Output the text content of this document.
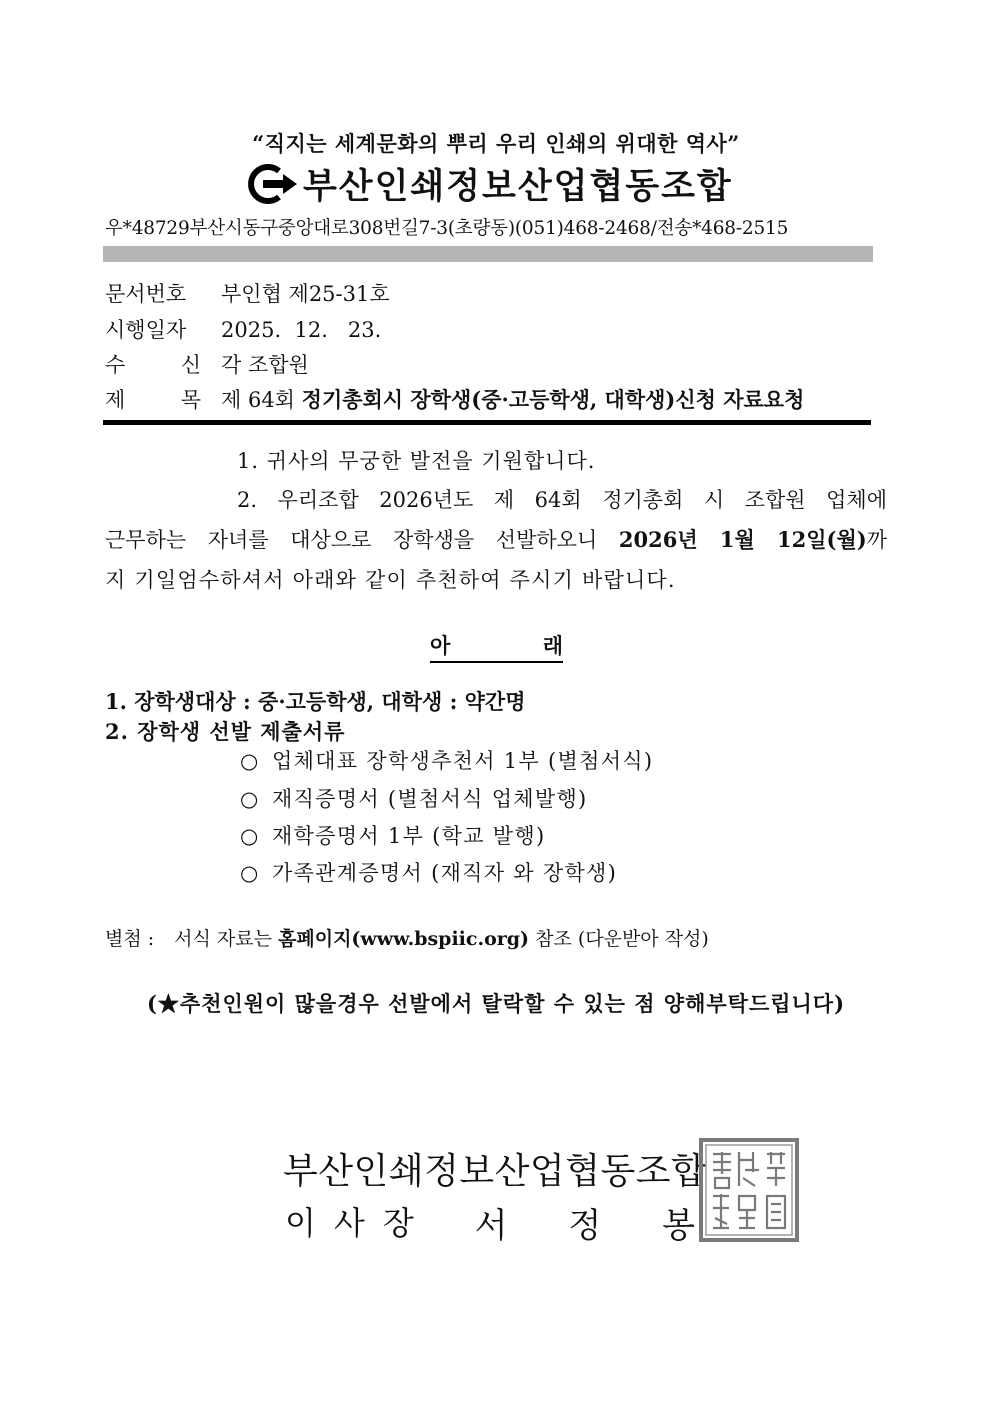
“직지는 세계문화의 뿌리 우리 인쇄의 위대한 역사”
부산인쇄정보산업협동조합
우*48729부산시동구중앙대로308번길7-3(초량동)(051)468-2468/전송*468-2515
문서번호 부인협 제25-31호
시행일자 2025.  12.   23.
수	신 각 조합원
제	목 제 64회 정기총회시 장학생(중·고등학생, 대학생)신청 자료요청
1. 귀사의 무궁한 발전을 기원합니다.
2. 우리조합 2026년도 제 64회 정기총회 시 조합원 업체에
근무하는 자녀를 대상으로 장학생을 선발하오니 2026년 1월 12일(월)까
지 기일엄수하셔서 아래와 같이 추천하여 주시기 바랍니다.
아	래
1. 장학생대상 : 중·고등학생, 대학생 : 약간명
2. 장학생 선발 제출서류
○ 업체대표 장학생추천서 1부 (별첨서식)
○ 재직증명서 (별첨서식 업체발행)
○ 재학증명서 1부 (학교 발행)
○ 가족관계증명서 (재직자 와 장학생)
별첨 : 서식 자료는 홈페이지(www.bspiic.org) 참조 (다운받아 작성)
(★추천인원이 많을경우 선발에서 탈락할 수 있는 점 양해부탁드립니다)
부산인쇄정보산업협동조합
이 사 장 서 정 봉
